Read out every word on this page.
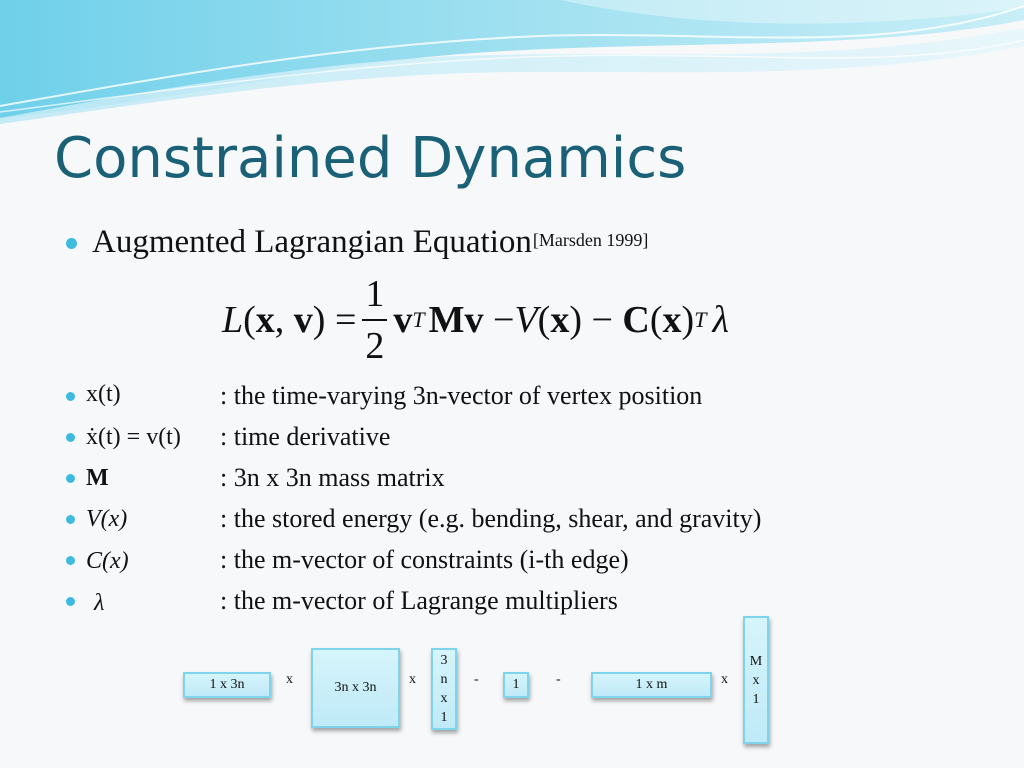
Constrained Dynamics
Augmented Lagrangian Equation[Marsden 1999]
L ( x , v ) = $\frac{1}{2}$ v T Mv − V ( x ) − C ( x ) T λ
x(t)	: the time-varying 3n-vector of vertex position
ẋ(t) = v(t) : time derivative
M	: 3n x 3n mass matrix
V(x)	: the stored energy (e.g. bending, shear, and gravity)
C(x)	: the m-vector of constraints (i-th edge)
λ	: the m-vector of Lagrange multipliers
1 x 3n	x
3n x 3n
x
3
n
x
1
- 1	-	1 x m	x
M
x
1
